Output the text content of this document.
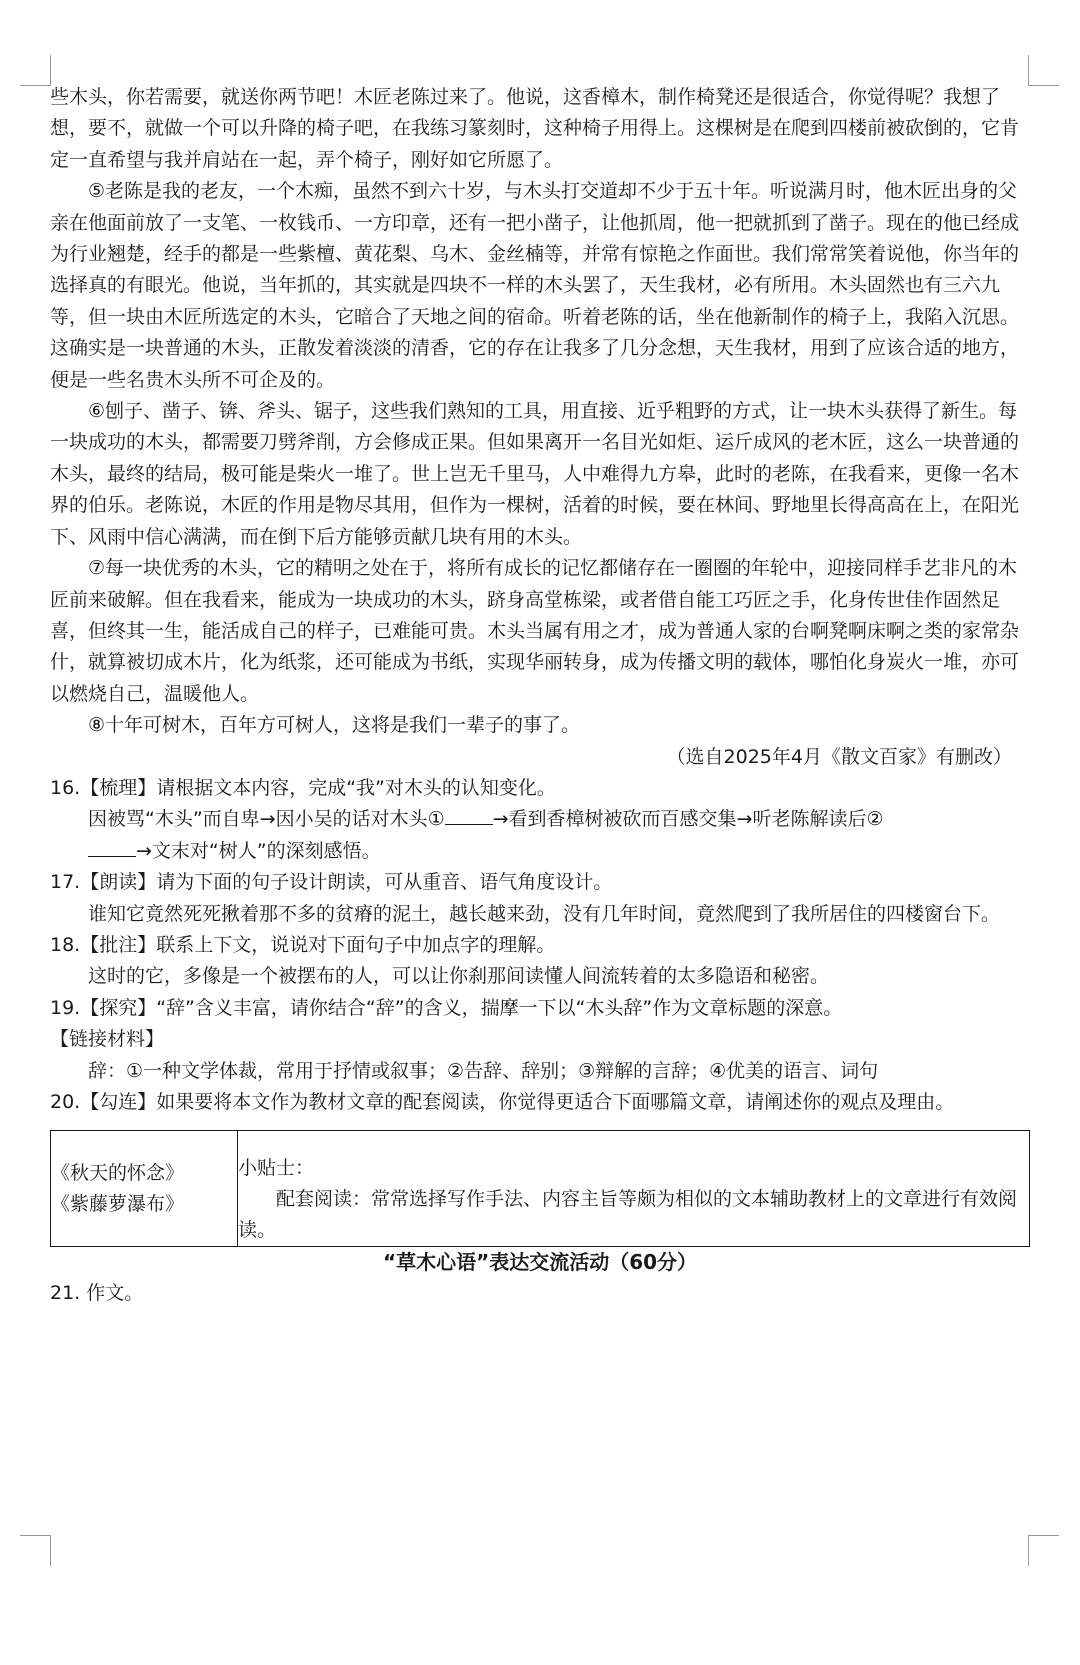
些木头，你若需要，就送你两节吧！木匠老陈过来了。他说，这香樟木，制作椅凳还是很适合，你觉得呢？我想了想，要不，就做一个可以升降的椅子吧，在我练习篆刻时，这种椅子用得上。这棵树是在爬到四楼前被砍倒的，它肯定一直希望与我并肩站在一起，弄个椅子，刚好如它所愿了。

⑤老陈是我的老友，一个木痴，虽然不到六十岁，与木头打交道却不少于五十年。听说满月时，他木匠出身的父亲在他面前放了一支笔、一枚钱币、一方印章，还有一把小凿子，让他抓周，他一把就抓到了凿子。现在的他已经成为行业翘楚，经手的都是一些紫檀、黄花梨、乌木、金丝楠等，并常有惊艳之作面世。我们常常笑着说他，你当年的选择真的有眼光。他说，当年抓的，其实就是四块不一样的木头罢了，天生我材，必有所用。木头固然也有三六九等，但一块由木匠所选定的木头，它暗合了天地之间的宿命。听着老陈的话，坐在他新制作的椅子上，我陷入沉思。这确实是一块普通的木头，正散发着淡淡的清香，它的存在让我多了几分念想，天生我材，用到了应该合适的地方，便是一些名贵木头所不可企及的。

⑥刨子、凿子、锛、斧头、锯子，这些我们熟知的工具，用直接、近乎粗野的方式，让一块木头获得了新生。每一块成功的木头，都需要刀劈斧削，方会修成正果。但如果离开一名目光如炬、运斤成风的老木匠，这么一块普通的木头，最终的结局，极可能是柴火一堆了。世上岂无千里马，人中难得九方皋，此时的老陈，在我看来，更像一名木界的伯乐。老陈说，木匠的作用是物尽其用，但作为一棵树，活着的时候，要在林间、野地里长得高高在上，在阳光下、风雨中信心满满，而在倒下后方能够贡献几块有用的木头。

⑦每一块优秀的木头，它的精明之处在于，将所有成长的记忆都储存在一圈圈的年轮中，迎接同样手艺非凡的木匠前来破解。但在我看来，能成为一块成功的木头，跻身高堂栋梁，或者借自能工巧匠之手，化身传世佳作固然足喜，但终其一生，能活成自己的样子，已难能可贵。木头当属有用之才，成为普通人家的台啊凳啊床啊之类的家常杂什，就算被切成木片，化为纸浆，还可能成为书纸，实现华丽转身，成为传播文明的载体，哪怕化身炭火一堆，亦可以燃烧自己，温暖他人。

⑧十年可树木，百年方可树人，这将是我们一辈子的事了。

（选自2025年4月《散文百家》有删改）

16.【梳理】请根据文本内容，完成“我”对木头的认知变化。

因被骂“木头”而自卑→因小吴的话对木头①	→看到香樟树被砍而百感交集→听老陈解读后②

→文末对“树人”的深刻感悟。

17.【朗读】请为下面的句子设计朗读，可从重音、语气角度设计。

谁知它竟然死死揪着那不多的贫瘠的泥土，越长越来劲，没有几年时间，竟然爬到了我所居住的四楼窗台下。

18.【批注】联系上下文，说说对下面句子中加点字的理解。

这时的它，多像是一个被摆布的人，可以让你刹那间读懂人间流转着的太多隐语和秘密。

19.【探究】“辞”含义丰富，请你结合“辞”的含义，揣摩一下以“木头辞”作为文章标题的深意。

【链接材料】

辞：①一种文学体裁，常用于抒情或叙事；②告辞、辞别；③辩解的言辞；④优美的语言、词句

20.【勾连】如果要将本文作为教材文章的配套阅读，你觉得更适合下面哪篇文章，请阐述你的观点及理由。

《秋天的怀念》
《紫藤萝瀑布》

小贴士：
配套阅读：常常选择写作手法、内容主旨等颇为相似的文本辅助教材上的文章进行有效阅读。

“草木心语”表达交流活动（60分）

21. 作文。
